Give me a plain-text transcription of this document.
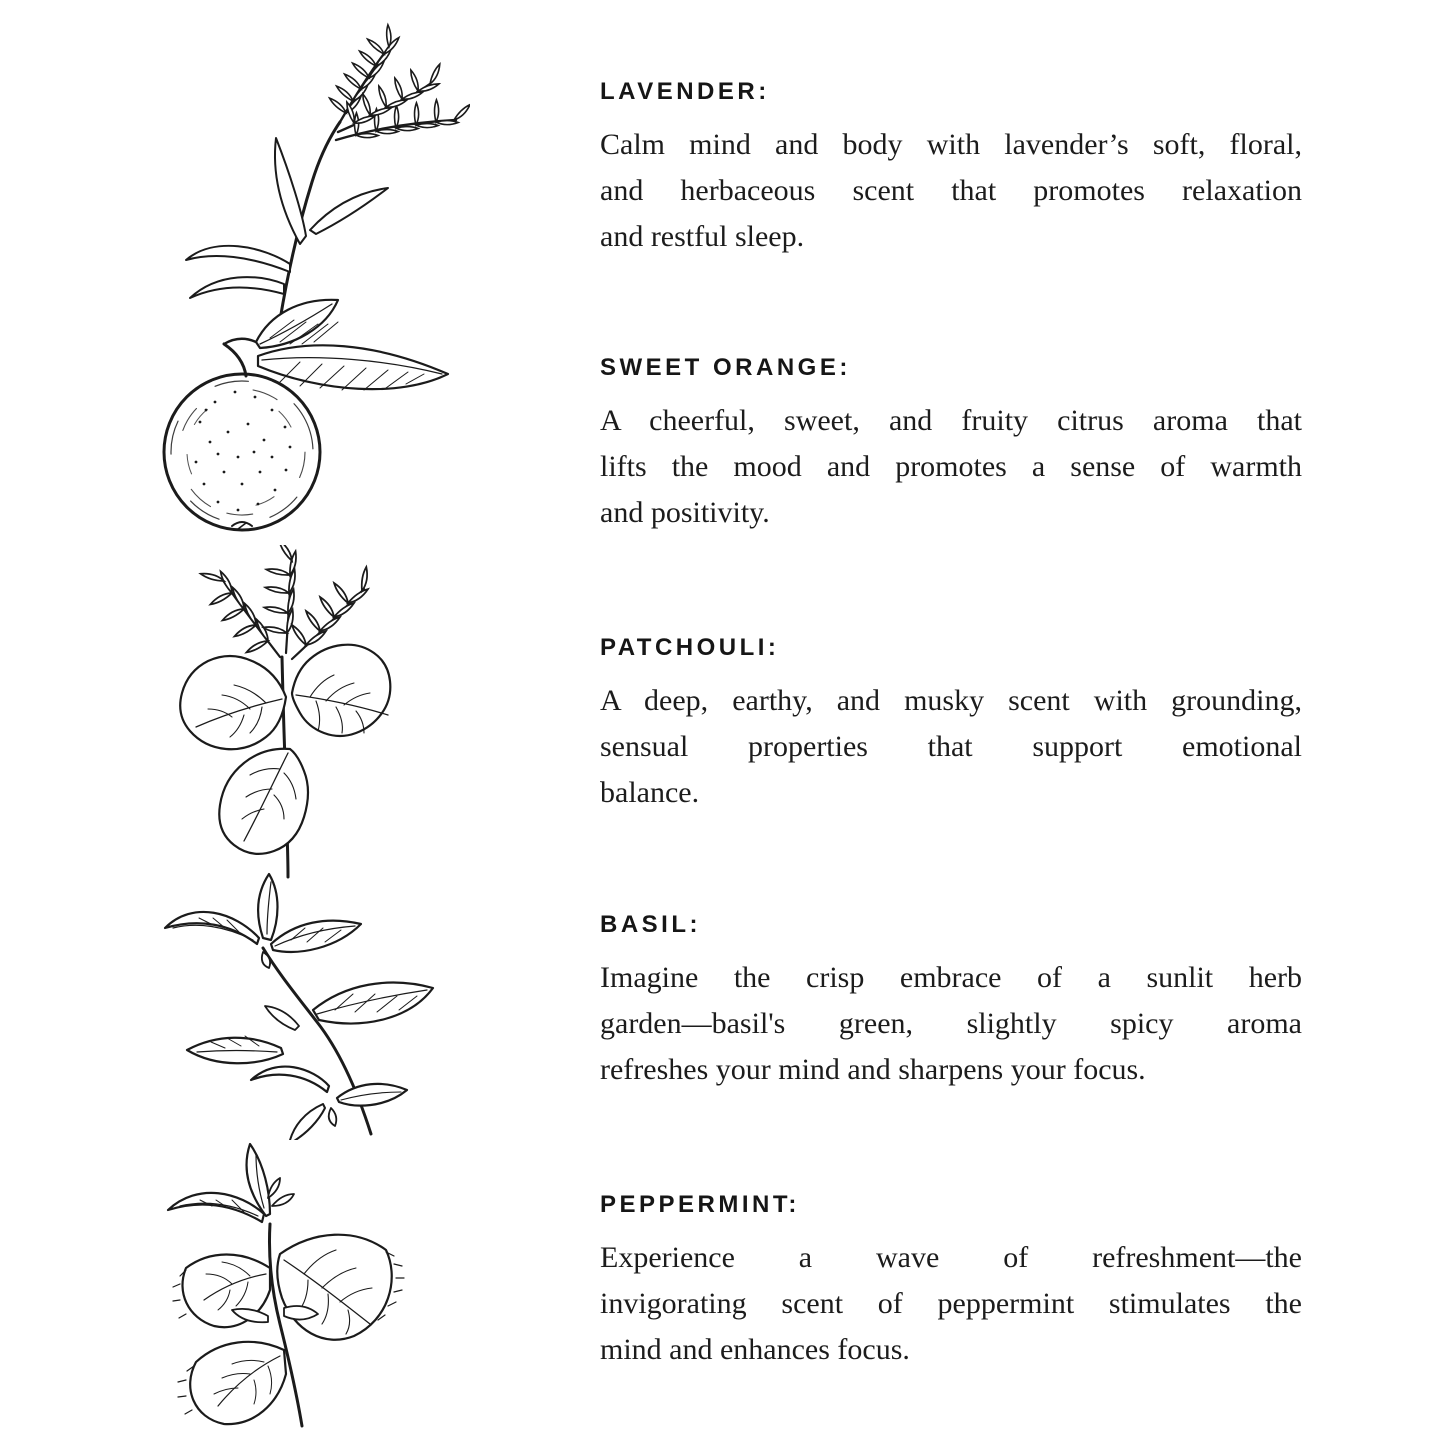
LAVENDER:
Calm mind and body with lavender’s soft, floral,
and herbaceous scent that promotes relaxation
and restful sleep.
SWEET ORANGE:
A cheerful, sweet, and fruity citrus aroma that
lifts the mood and promotes a sense of warmth
and positivity.
PATCHOULI:
A deep, earthy, and musky scent with grounding,
sensual properties that support emotional
balance.
BASIL:
Imagine the crisp embrace of a sunlit herb
garden—basil's green, slightly spicy aroma
refreshes your mind and sharpens your focus.
PEPPERMINT:
Experience a wave of refreshment—the
invigorating scent of peppermint stimulates the
mind and enhances focus.
